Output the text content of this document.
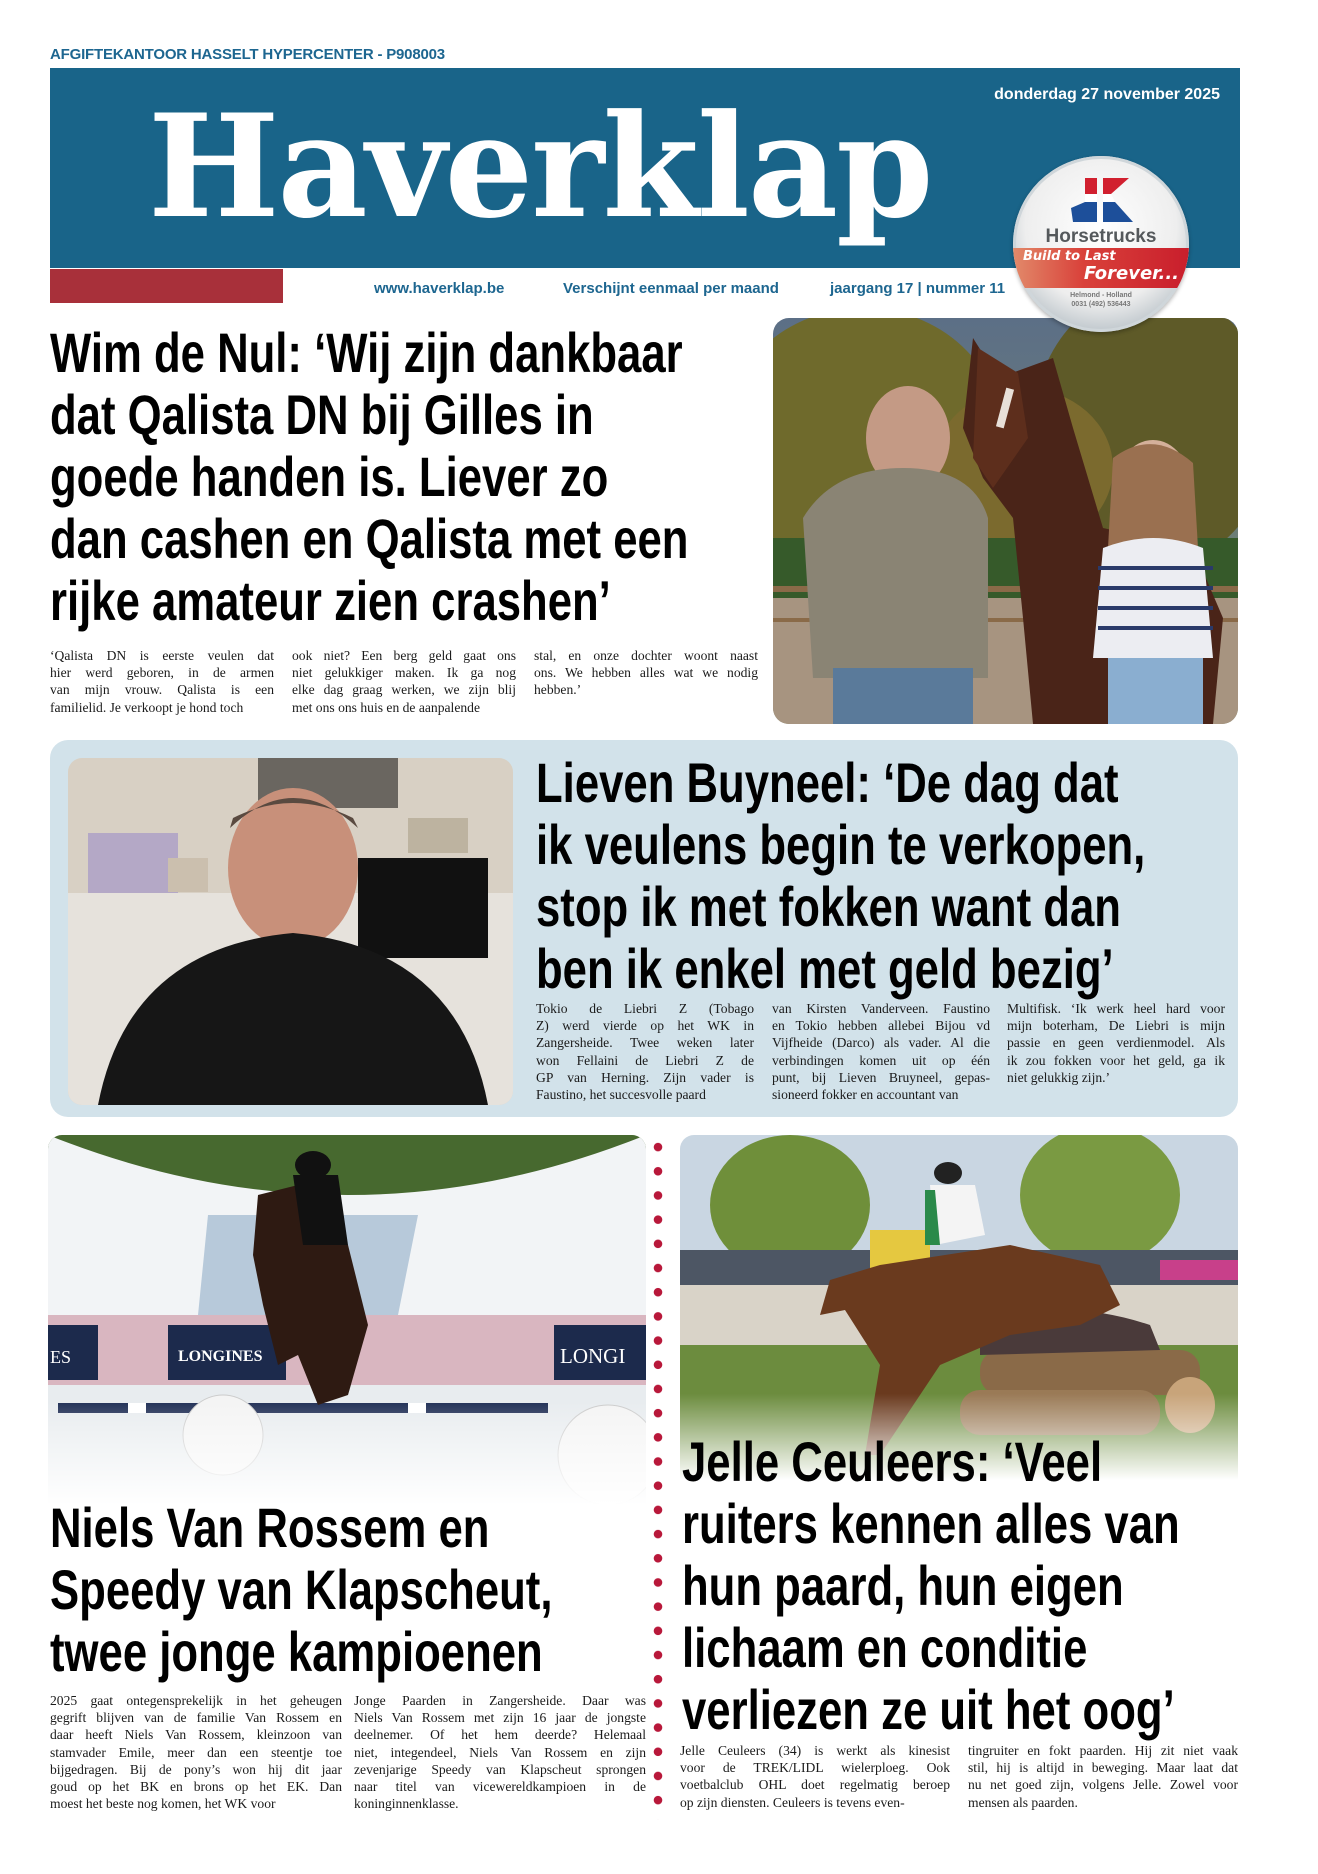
AFGIFTEKANTOOR HASSELT HYPERCENTER - P908003
Haverklap	donderdag 27 november 2025
www.haverklap.be	Verschijnt eenmaal per maand	jaargang 17 | nummer 11
Horsetrucks
Build to Last
Forever...
Helmond - Holland
0031 (492) 536443
Wim de Nul: ‘Wij zijn dankbaar
dat Qalista DN bij Gilles in
goede handen is. Liever zo
dan cashen en Qalista met een
rijke amateur zien crashen’
‘Qalista DN is eerste veulen dat
hier werd geboren, in de armen
van mijn vrouw. Qalista is een
familielid. Je verkoopt je hond toch
ook niet? Een berg geld gaat ons
niet gelukkiger maken. Ik ga nog
elke dag graag werken, we zijn blij
met ons ons huis en de aanpalende
stal, en onze dochter woont naast
ons. We hebben alles wat we nodig
hebben.’
Lieven Buyneel: ‘De dag dat
ik veulens begin te verkopen,
stop ik met fokken want dan
ben ik enkel met geld bezig’
Tokio de Liebri Z (Tobago
Z) werd vierde op het WK in
Zangersheide. Twee weken later
won Fellaini de Liebri Z de
GP van Herning. Zijn vader is
Faustino, het succesvolle paard
van Kirsten Vanderveen. Faustino
en Tokio hebben allebei Bijou vd
Vijfheide (Darco) als vader. Al die
verbindingen komen uit op één
punt, bij Lieven Bruyneel, gepas-
sioneerd fokker en accountant van
Multifisk. ‘Ik werk heel hard voor
mijn boterham, De Liebri is mijn
passie en geen verdienmodel. Als
ik zou fokken voor het geld, ga ik
niet gelukkig zijn.’
Niels Van Rossem en
Speedy van Klapscheut,
twee jonge kampioenen
2025 gaat ontegensprekelijk in het geheugen
gegrift blijven van de familie Van Rossem en
daar heeft Niels Van Rossem, kleinzoon van
stamvader Emile, meer dan een steentje toe
bijgedragen. Bij de pony’s won hij dit jaar
goud op het BK en brons op het EK. Dan
moest het beste nog komen, het WK voor
Jonge Paarden in Zangersheide. Daar was
Niels Van Rossem met zijn 16 jaar de jongste
deelnemer. Of het hem deerde? Helemaal
niet, integendeel, Niels Van Rossem en zijn
zevenjarige Speedy van Klapscheut sprongen
naar titel van vicewereldkampioen in de
koninginnenklasse.
Jelle Ceuleers: ‘Veel
ruiters kennen alles van
hun paard, hun eigen
lichaam en conditie
verliezen ze uit het oog’
Jelle Ceuleers (34) is werkt als kinesist
voor de TREK/LIDL wielerploeg. Ook
voetbalclub OHL doet regelmatig beroep
op zijn diensten. Ceuleers is tevens even-
tingruiter en fokt paarden. Hij zit niet vaak
stil, hij is altijd in beweging. Maar laat dat
nu net goed zijn, volgens Jelle. Zowel voor
mensen als paarden.
